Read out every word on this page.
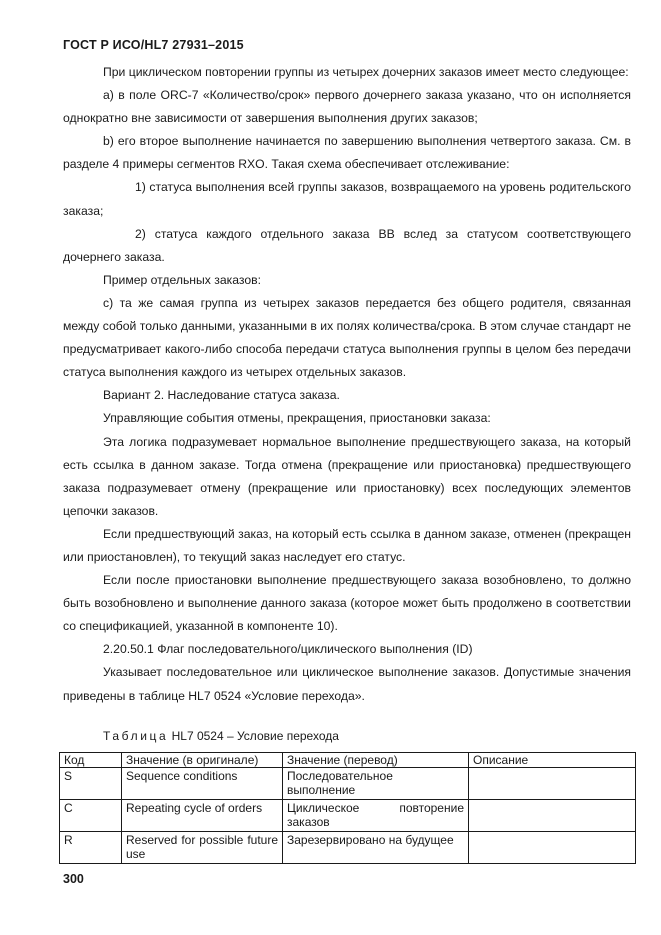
ГОСТ Р ИСО/HL7 27931–2015

При циклическом повторении группы из четырех дочерних заказов имеет место следующее:

а) в поле ORC-7 «Количество/срок» первого дочернего заказа указано, что он исполняется однократно вне зависимости от завершения выполнения других заказов;

b) его второе выполнение начинается по завершению выполнения четвертого заказа. См. в разделе 4 примеры сегментов RXO. Такая схема обеспечивает отслеживание:

1) статуса выполнения всей группы заказов, возвращаемого на уровень родительского заказа;

2) статуса каждого отдельного заказа ВВ вслед за статусом соответствующего дочернего заказа.

Пример отдельных заказов:

с) та же самая группа из четырех заказов передается без общего родителя, связанная между собой только данными, указанными в их полях количества/срока. В этом случае стандарт не предусматривает какого-либо способа передачи статуса выполнения группы в целом без передачи статуса выполнения каждого из четырех отдельных заказов.

Вариант 2. Наследование статуса заказа.

Управляющие события отмены, прекращения, приостановки заказа:

Эта логика подразумевает нормальное выполнение предшествующего заказа, на который есть ссылка в данном заказе. Тогда отмена (прекращение или приостановка) предшествующего заказа подразумевает отмену (прекращение или приостановку) всех последующих элементов цепочки заказов.

Если предшествующий заказ, на который есть ссылка в данном заказе, отменен (прекращен или приостановлен), то текущий заказ наследует его статус.

Если после приостановки выполнение предшествующего заказа возобновлено, то должно быть возобновлено и выполнение данного заказа (которое может быть продолжено в соответствии со спецификацией, указанной в компоненте 10).

2.20.50.1 Флаг последовательного/циклического выполнения (ID)

Указывает последовательное или циклическое выполнение заказов. Допустимые значения приведены в таблице HL7 0524 «Условие перехода».

Таблица HL7 0524 – Условие перехода
Код	Значение (в оригинале)	Значение (перевод)	Описание
S	Sequence conditions	Последовательное выполнение	
C	Repeating cycle of orders	Циклическое повторение заказов	
R	Reserved for possible future use	Зарезервировано на будущее	
300
